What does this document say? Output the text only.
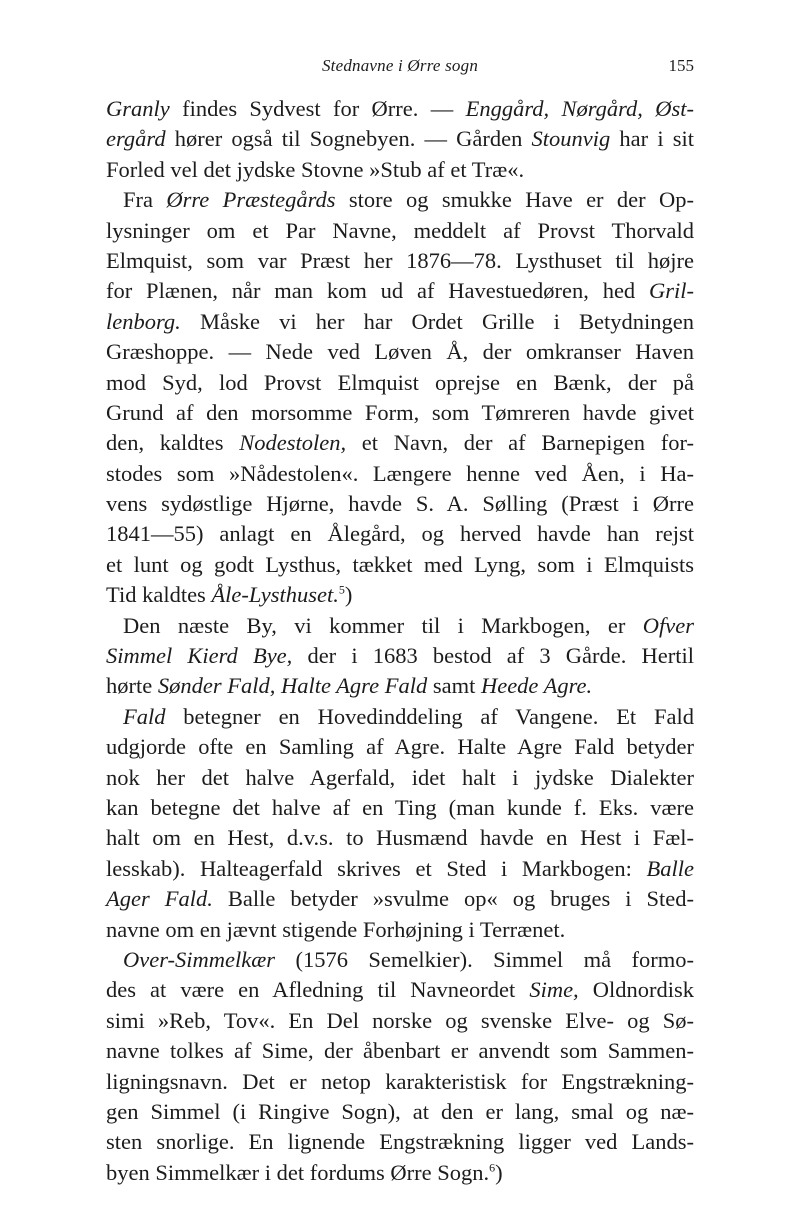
Stednavne i Ørre sogn	155
Granly findes Sydvest for Ørre. — Enggård, Nørgård, Øst-
ergård hører også til Sognebyen. — Gården Stounvig har i sit
Forled vel det jydske Stovne »Stub af et Træ«.
Fra Ørre Præstegårds store og smukke Have er der Op-
lysninger om et Par Navne, meddelt af Provst Thorvald
Elmquist, som var Præst her 1876—78. Lysthuset til højre
for Plænen, når man kom ud af Havestuedøren, hed Gril-
lenborg. Måske vi her har Ordet Grille i Betydningen
Græshoppe. — Nede ved Løven Å, der omkranser Haven
mod Syd, lod Provst Elmquist oprejse en Bænk, der på
Grund af den morsomme Form, som Tømreren havde givet
den, kaldtes Nodestolen, et Navn, der af Barnepigen for-
stodes som »Nådestolen«. Længere henne ved Åen, i Ha-
vens sydøstlige Hjørne, havde S. A. Sølling (Præst i Ørre
1841—55) anlagt en Ålegård, og herved havde han rejst
et lunt og godt Lysthus, tækket med Lyng, som i Elmquists
Tid kaldtes Åle-Lysthuset.$^5$)
Den næste By, vi kommer til i Markbogen, er Ofver
Simmel Kierd Bye, der i 1683 bestod af 3 Gårde. Hertil
hørte Sønder Fald, Halte Agre Fald samt Heede Agre.
Fald betegner en Hovedinddeling af Vangene. Et Fald
udgjorde ofte en Samling af Agre. Halte Agre Fald betyder
nok her det halve Agerfald, idet halt i jydske Dialekter
kan betegne det halve af en Ting (man kunde f. Eks. være
halt om en Hest, d.v.s. to Husmænd havde en Hest i Fæl-
lesskab). Halteagerfald skrives et Sted i Markbogen: Balle
Ager Fald. Balle betyder »svulme op« og bruges i Sted-
navne om en jævnt stigende Forhøjning i Terrænet.
Over-Simmelkær (1576 Semelkier). Simmel må formo-
des at være en Afledning til Navneordet Sime, Oldnordisk
simi »Reb, Tov«. En Del norske og svenske Elve- og Sø-
navne tolkes af Sime, der åbenbart er anvendt som Sammen-
ligningsnavn. Det er netop karakteristisk for Engstrækning-
gen Simmel (i Ringive Sogn), at den er lang, smal og næ-
sten snorlige. En lignende Engstrækning ligger ved Lands-
byen Simmelkær i det fordums Ørre Sogn.$^6$)
